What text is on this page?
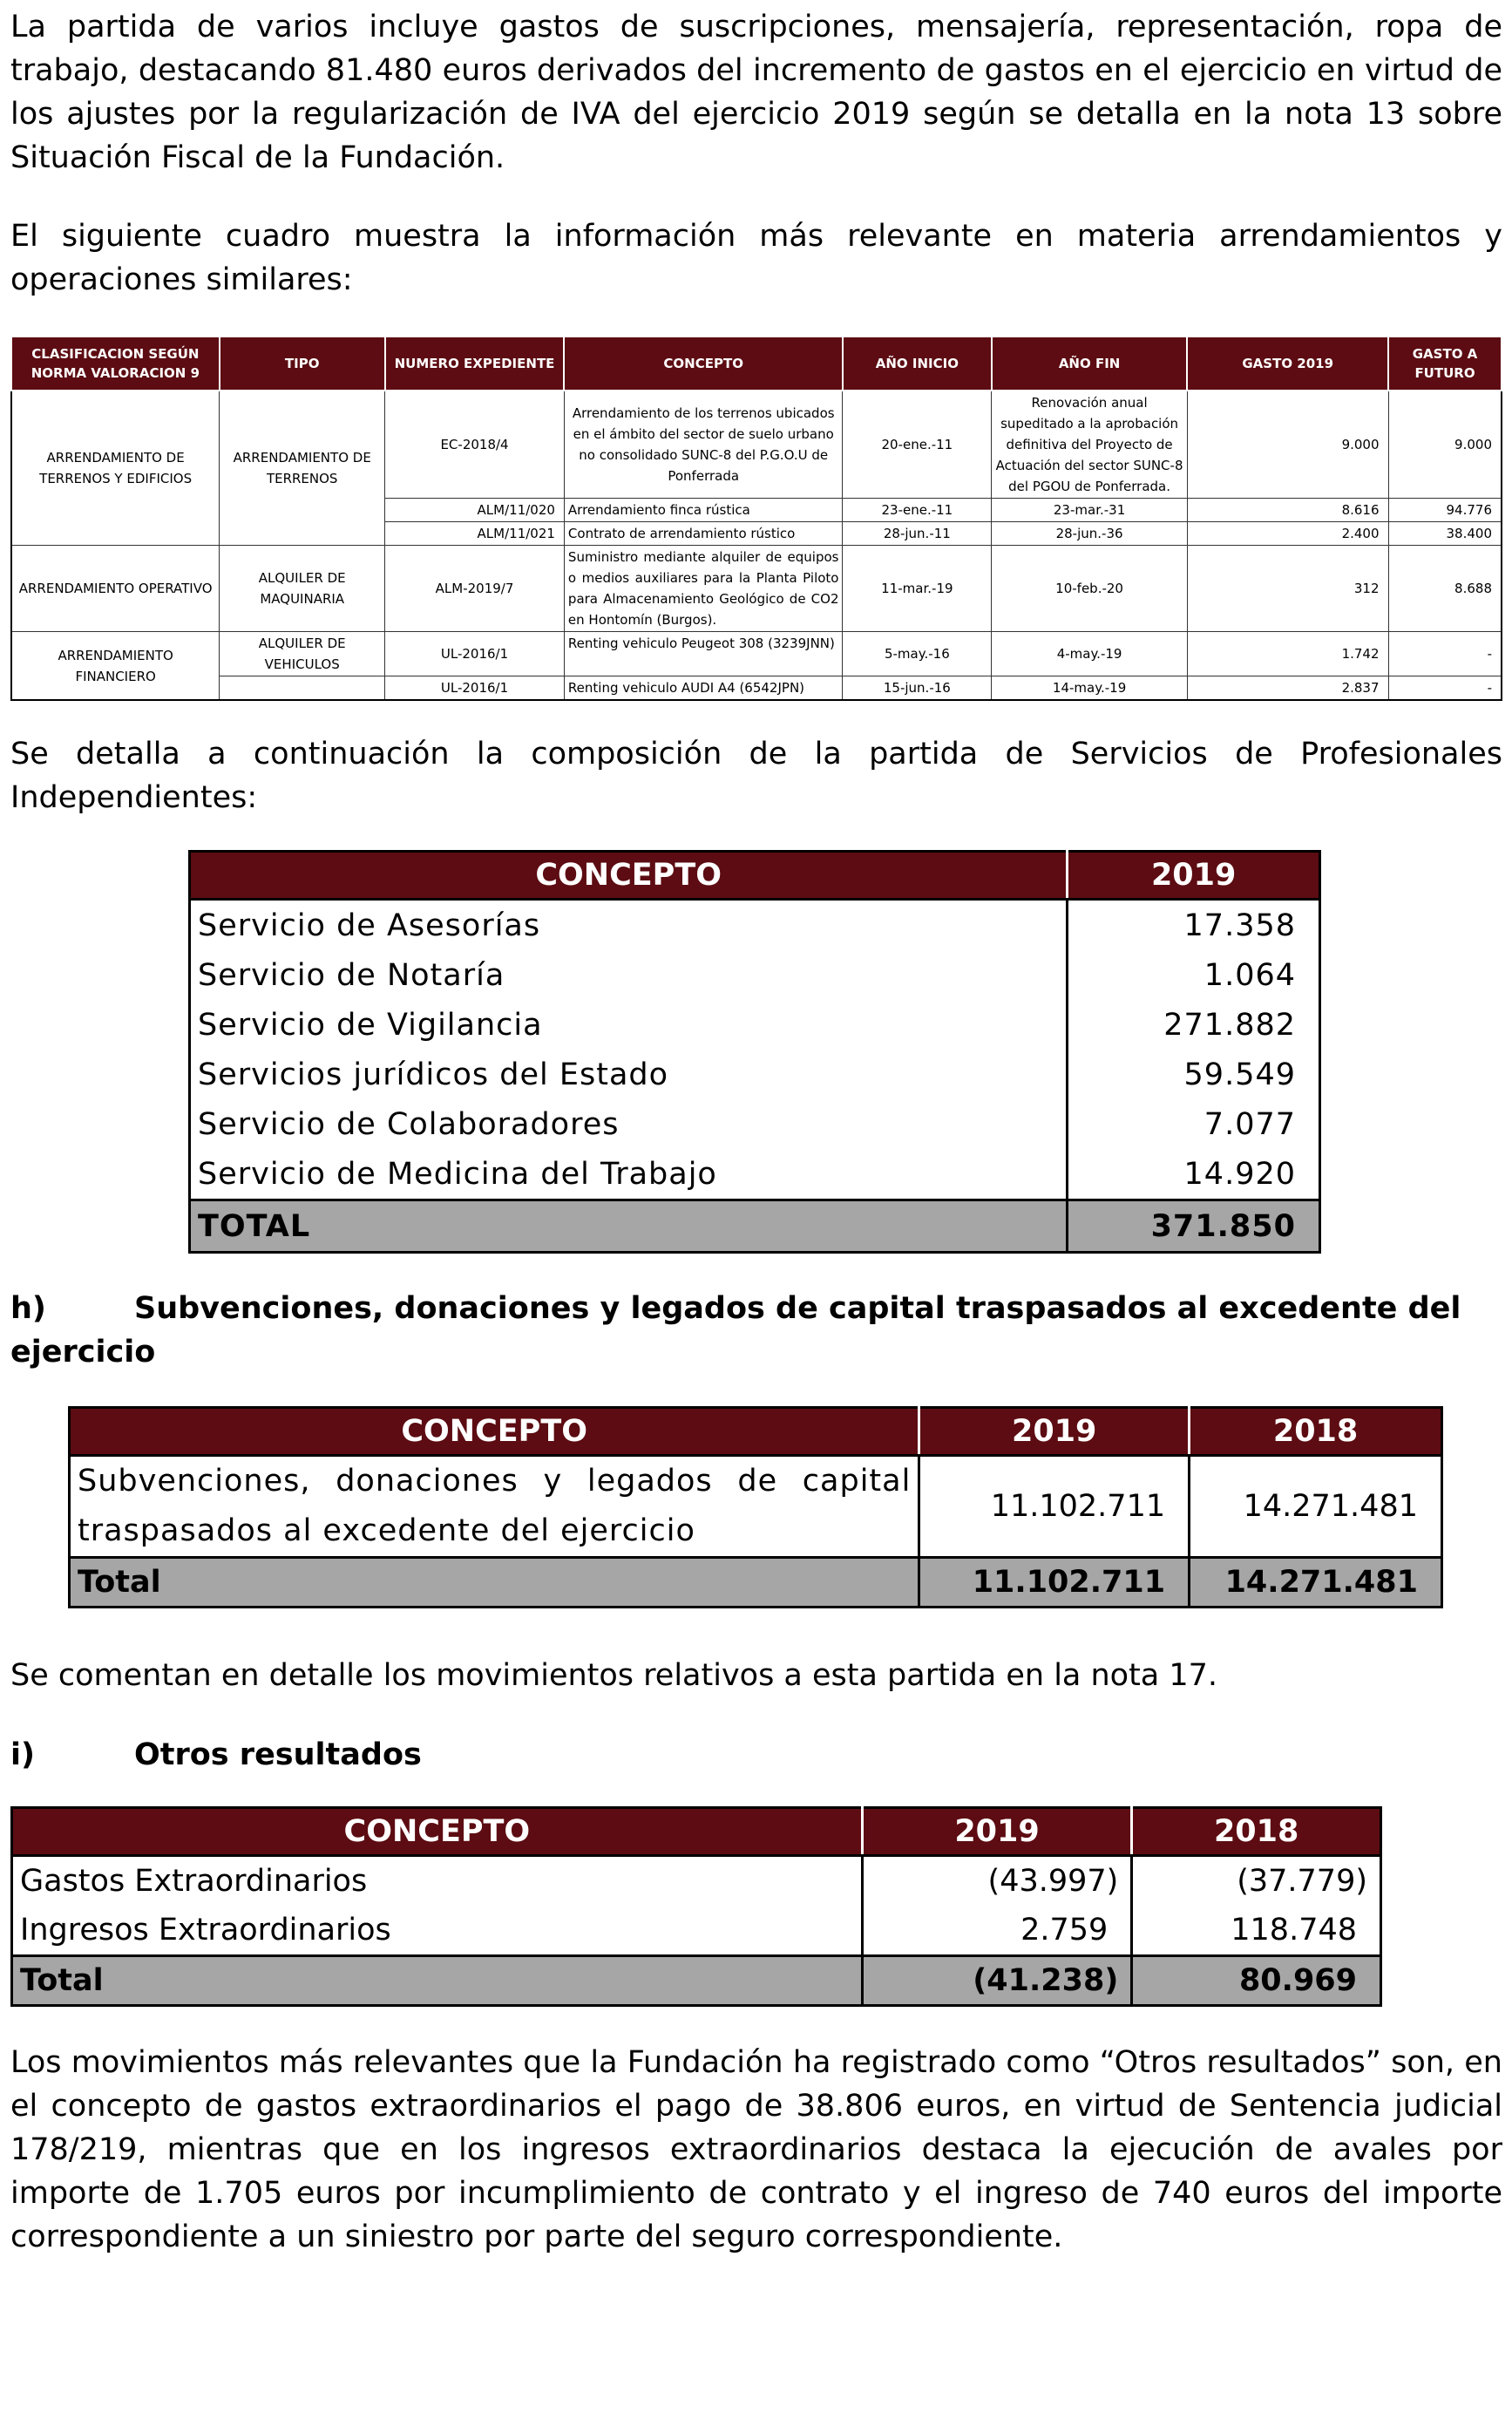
La partida de varios incluye gastos de suscripciones, mensajería, representación, ropa de trabajo, destacando 81.480 euros derivados del incremento de gastos en el ejercicio en virtud de los ajustes por la regularización de IVA del ejercicio 2019 según se detalla en la nota 13 sobre Situación Fiscal de la Fundación.

El siguiente cuadro muestra la información más relevante en materia arrendamientos y operaciones similares:

CLASIFICACION SEGÚN NORMA VALORACION 9	TIPO	NUMERO EXPEDIENTE	CONCEPTO	AÑO INICIO	AÑO FIN	GASTO 2019	GASTO A FUTURO
ARRENDAMIENTO DE TERRENOS Y EDIFICIOS	ARRENDAMIENTO DE TERRENOS	EC-2018/4	Arrendamiento de los terrenos ubicados en el ámbito del sector de suelo urbano no consolidado SUNC-8 del P.G.O.U de Ponferrada	20-ene.-11	Renovación anual supeditado a la aprobación definitiva del Proyecto de Actuación del sector SUNC-8 del PGOU de Ponferrada.	9.000	9.000
		ALM/11/020	Arrendamiento finca rústica	23-ene.-11	23-mar.-31	8.616	94.776
		ALM/11/021	Contrato de arrendamiento rústico	28-jun.-11	28-jun.-36	2.400	38.400
ARRENDAMIENTO OPERATIVO	ALQUILER DE MAQUINARIA	ALM-2019/7	Suministro mediante alquiler de equipos o medios auxiliares para la Planta Piloto para Almacenamiento Geológico de CO2 en Hontomín (Burgos).	11-mar.-19	10-feb.-20	312	8.688
ARRENDAMIENTO FINANCIERO	ALQUILER DE VEHICULOS	UL-2016/1	Renting vehiculo Peugeot 308 (3239JNN)	5-may.-16	4-may.-19	1.742	-
		UL-2016/1	Renting vehiculo AUDI A4 (6542JPN)	15-jun.-16	14-may.-19	2.837	-

Se detalla a continuación la composición de la partida de Servicios de Profesionales Independientes:

CONCEPTO	2019
Servicio de Asesorías	17.358
Servicio de Notaría	1.064
Servicio de Vigilancia	271.882
Servicios jurídicos del Estado	59.549
Servicio de Colaboradores	7.077
Servicio de Medicina del Trabajo	14.920
TOTAL	371.850
h)	Subvenciones, donaciones y legados de capital traspasados al excedente del ejercicio
CONCEPTO	2019	2018
Subvenciones, donaciones y legados de capital traspasados al excedente del ejercicio	11.102.711	14.271.481
Total	11.102.711	14.271.481

Se comentan en detalle los movimientos relativos a esta partida en la nota 17.

i)	Otros resultados
CONCEPTO	2019	2018
Gastos Extraordinarios	(43.997)	(37.779)
Ingresos Extraordinarios	2.759	118.748
Total	(41.238)	80.969

Los movimientos más relevantes que la Fundación ha registrado como “Otros resultados” son, en el concepto de gastos extraordinarios el pago de 38.806 euros, en virtud de Sentencia judicial 178/219, mientras que en los ingresos extraordinarios destaca la ejecución de avales por importe de 1.705 euros por incumplimiento de contrato y el ingreso de 740 euros del importe correspondiente a un siniestro por parte del seguro correspondiente.
